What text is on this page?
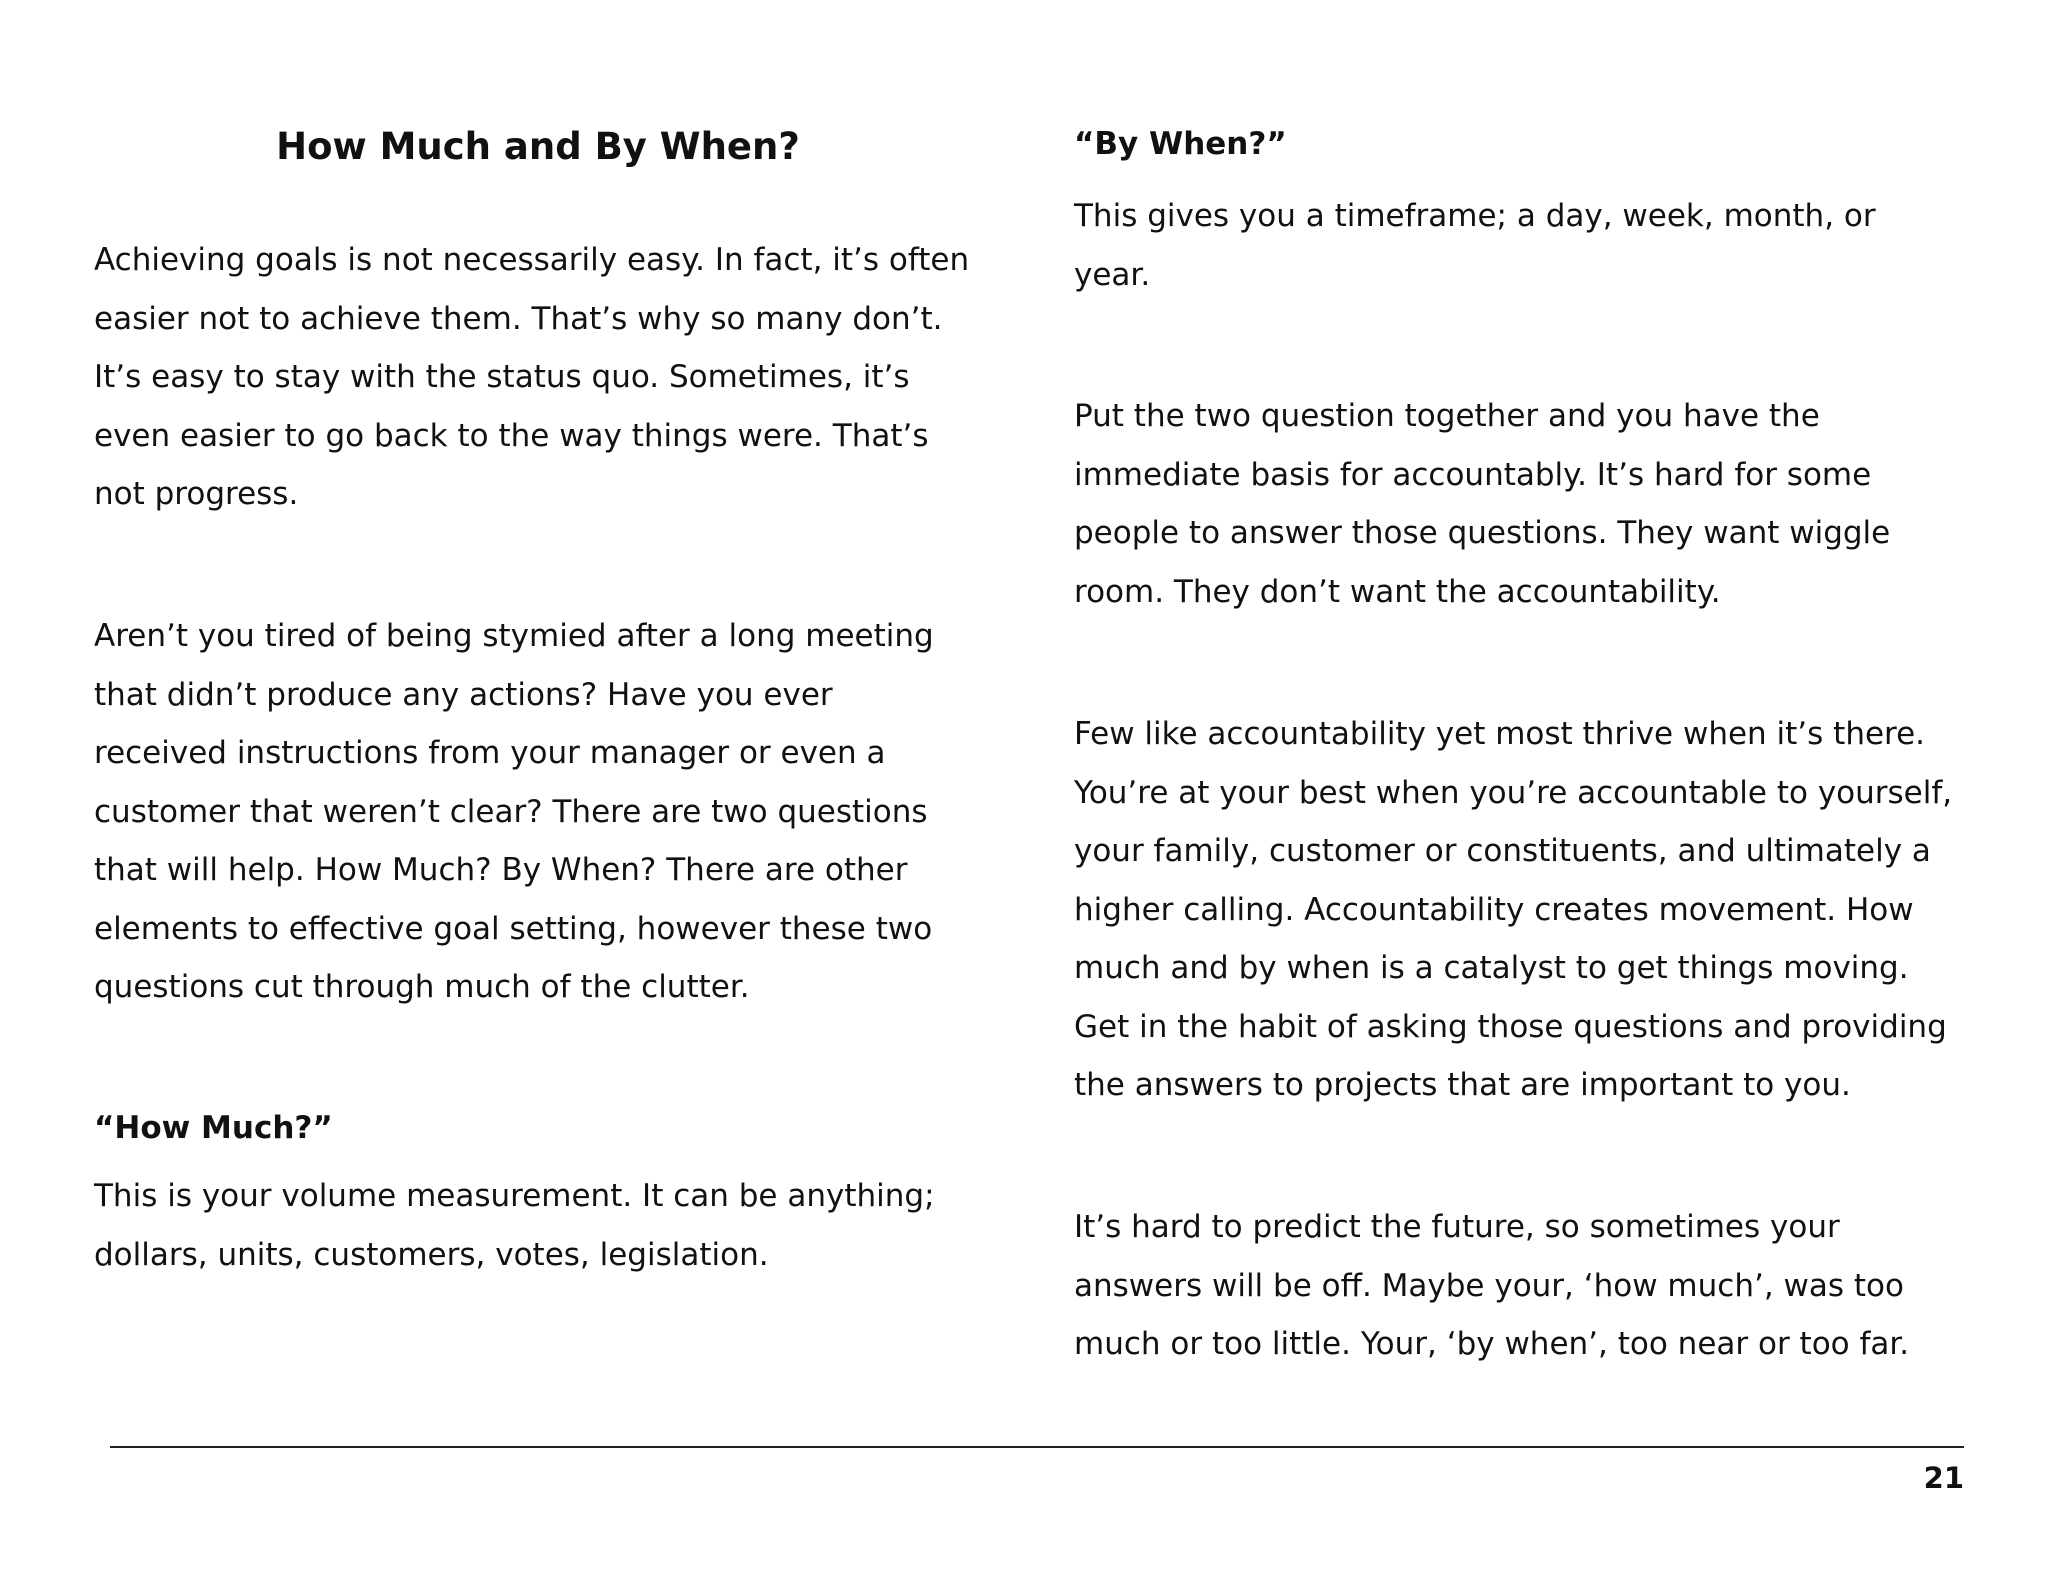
How Much and By When?

Achieving goals is not necessarily easy. In fact, it’s often
easier not to achieve them. That’s why so many don’t.
It’s easy to stay with the status quo. Sometimes, it’s
even easier to go back to the way things were. That’s
not progress.

Aren’t you tired of being stymied after a long meeting
that didn’t produce any actions? Have you ever
received instructions from your manager or even a
customer that weren’t clear? There are two questions
that will help. How Much? By When? There are other
elements to effective goal setting, however these two
questions cut through much of the clutter.

“How Much?”

This is your volume measurement. It can be anything;
dollars, units, customers, votes, legislation.

“By When?”

This gives you a timeframe; a day, week, month, or
year.

Put the two question together and you have the
immediate basis for accountably. It’s hard for some
people to answer those questions. They want wiggle
room. They don’t want the accountability.

Few like accountability yet most thrive when it’s there.
You’re at your best when you’re accountable to yourself,
your family, customer or constituents, and ultimately a
higher calling. Accountability creates movement. How
much and by when is a catalyst to get things moving.
Get in the habit of asking those questions and providing
the answers to projects that are important to you.

It’s hard to predict the future, so sometimes your
answers will be off. Maybe your, ‘how much’, was too
much or too little. Your, ‘by when’, too near or too far.

21
